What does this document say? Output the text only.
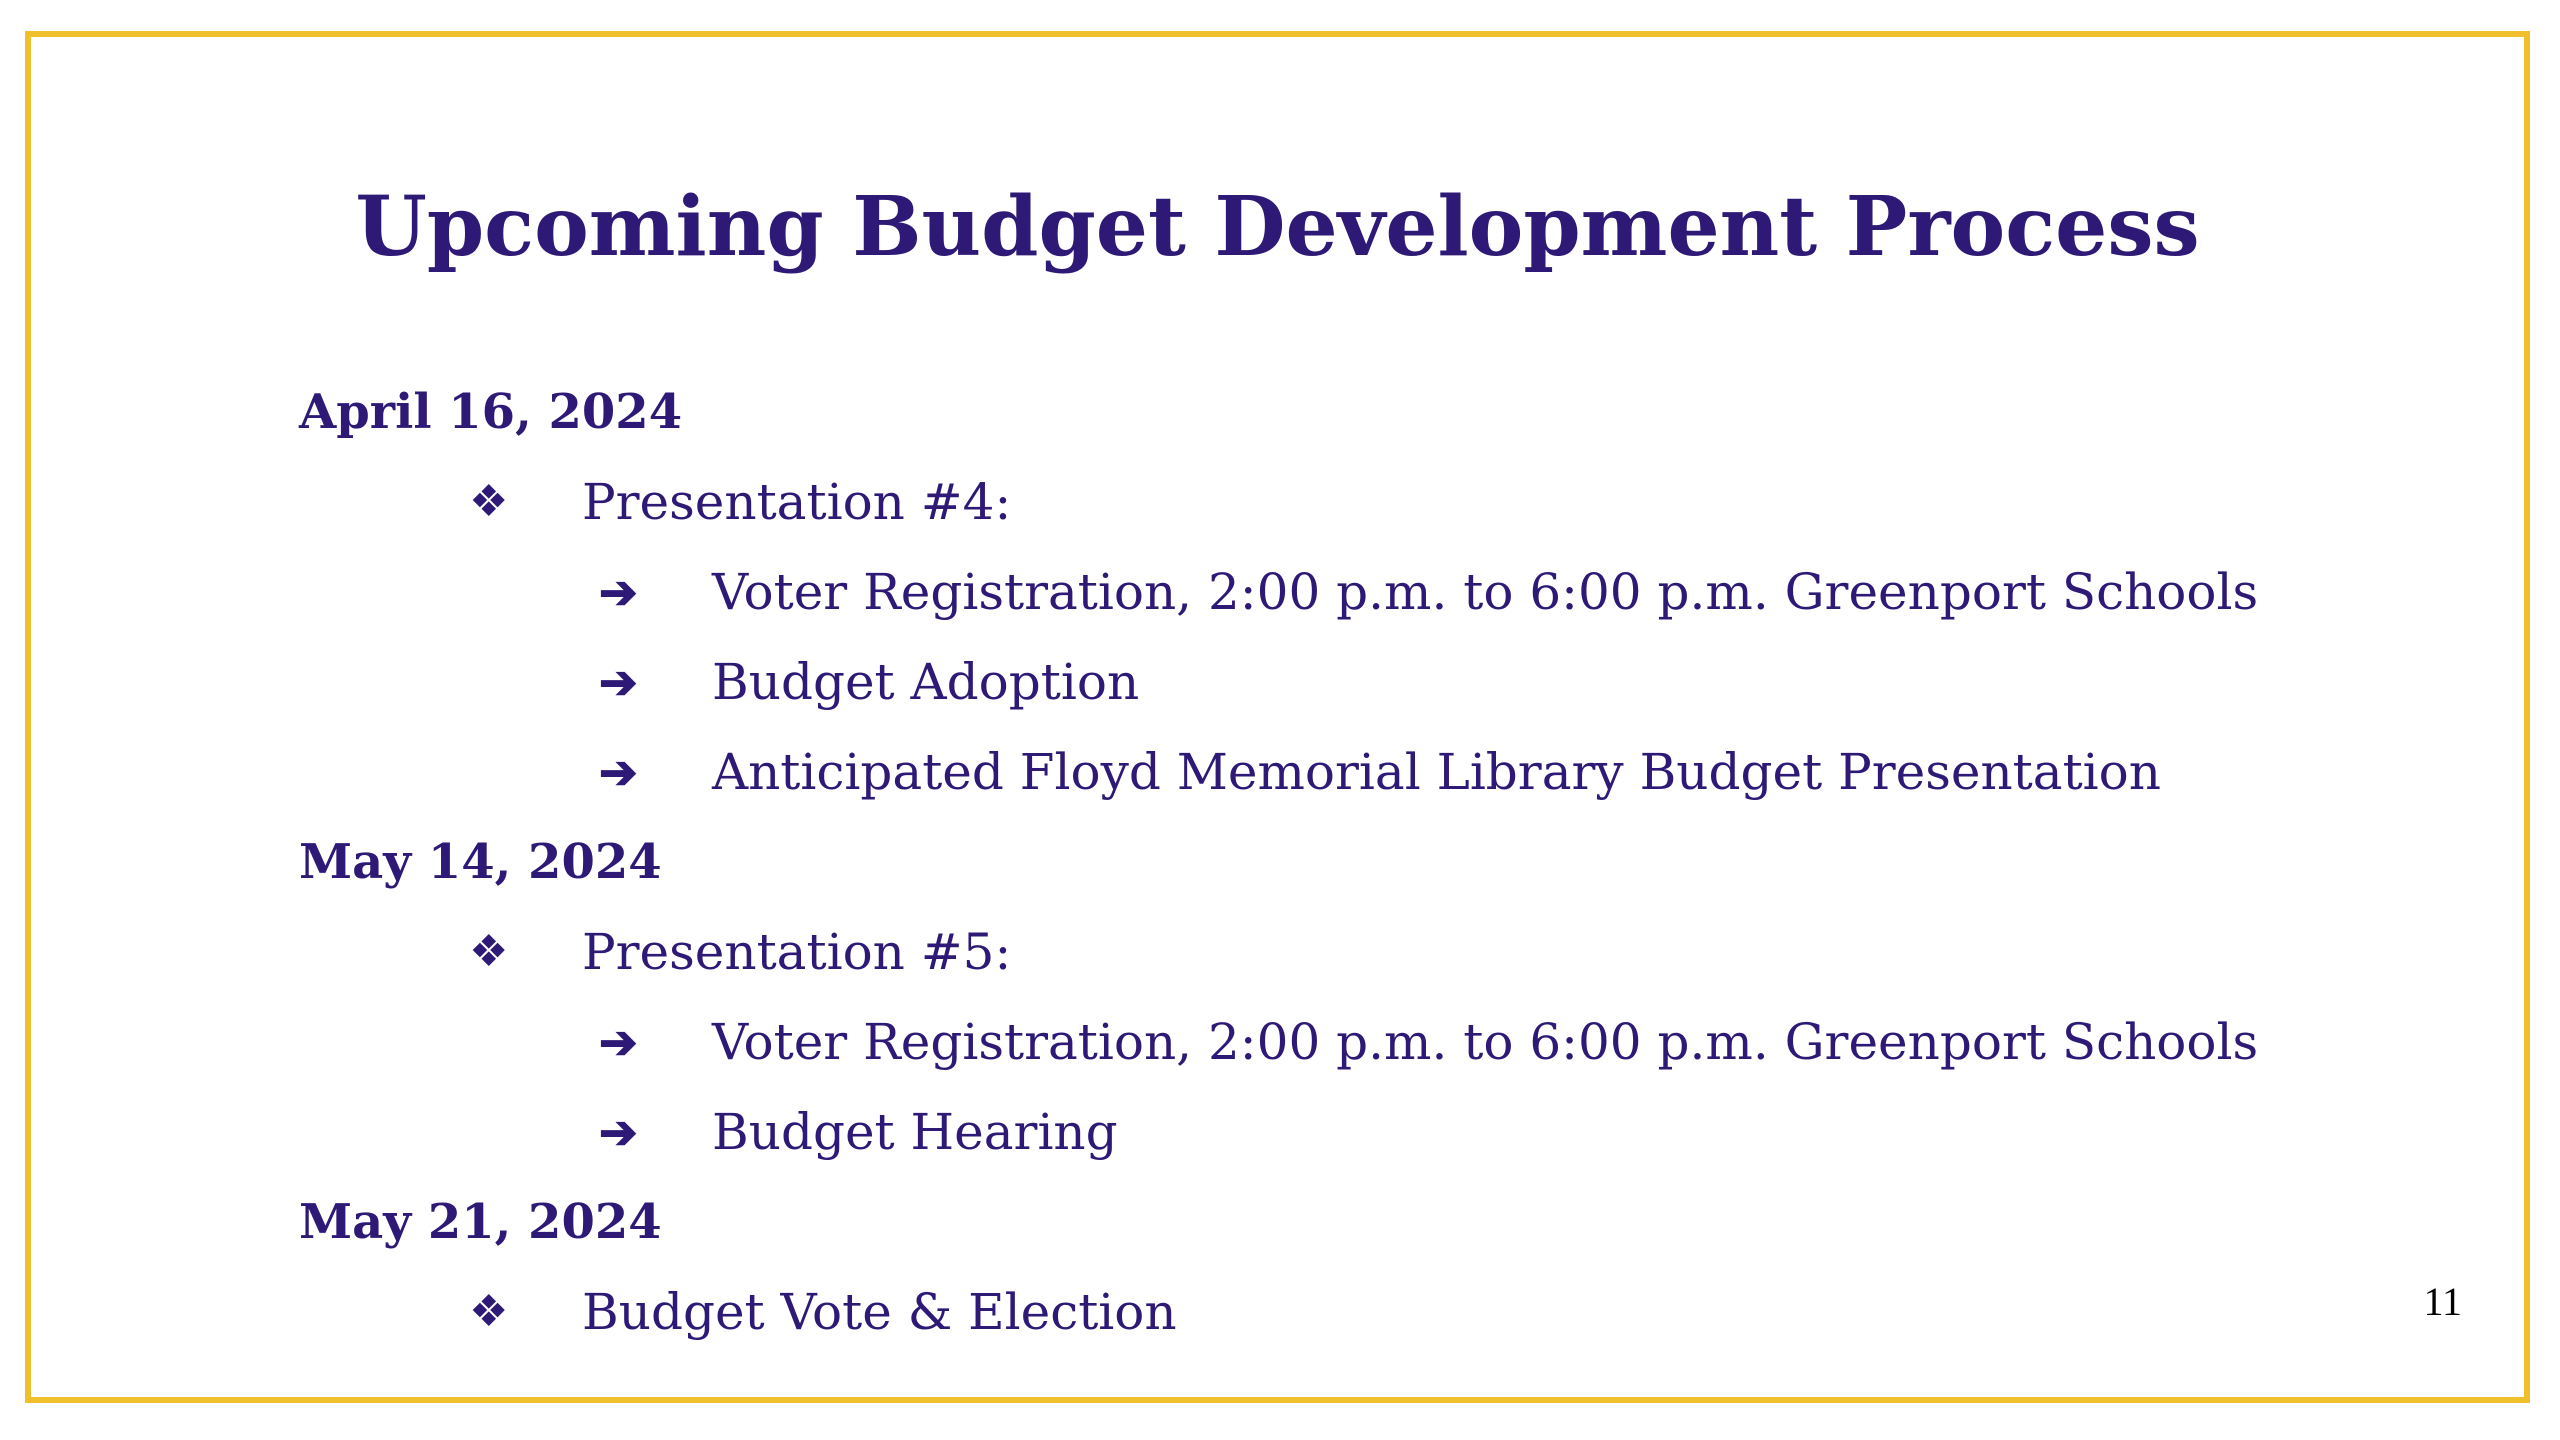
Upcoming Budget Development Process
April 16, 2024
❖ Presentation #4:
➔ Voter Registration, 2:00 p.m. to 6:00 p.m. Greenport Schools
➔ Budget Adoption
➔ Anticipated Floyd Memorial Library Budget Presentation
May 14, 2024
❖ Presentation #5:
➔ Voter Registration, 2:00 p.m. to 6:00 p.m. Greenport Schools
➔ Budget Hearing
May 21, 2024
❖ Budget Vote & Election	11
